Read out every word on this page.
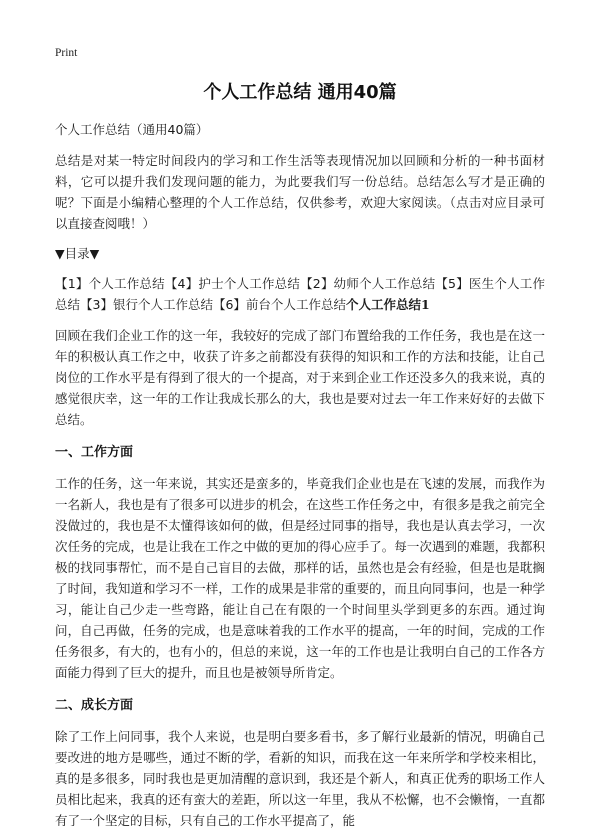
Print
个人工作总结 通用40篇

个人工作总结（通用40篇）

总结是对某一特定时间段内的学习和工作生活等表现情况加以回顾和分析的一种书面材料，它可以提升我们发现问题的能力，为此要我们写一份总结。总结怎么写才是正确的呢？下面是小编精心整理的个人工作总结，仅供参考，欢迎大家阅读。（点击对应目录可以直接查阅哦！）

▼目录▼

【1】个人工作总结【4】护士个人工作总结【2】幼师个人工作总结【5】医生个人工作总结【3】银行个人工作总结【6】前台个人工作总结个人工作总结1

回顾在我们企业工作的这一年，我较好的完成了部门布置给我的工作任务，我也是在这一年的积极认真工作之中，收获了许多之前都没有获得的知识和工作的方法和技能，让自己岗位的工作水平是有得到了很大的一个提高，对于来到企业工作还没多久的我来说，真的感觉很庆幸，这一年的工作让我成长那么的大，我也是要对过去一年工作来好好的去做下总结。

一、工作方面

工作的任务，这一年来说，其实还是蛮多的，毕竟我们企业也是在飞速的发展，而我作为一名新人，我也是有了很多可以进步的机会，在这些工作任务之中，有很多是我之前完全没做过的，我也是不太懂得该如何的做，但是经过同事的指导，我也是认真去学习，一次次任务的完成，也是让我在工作之中做的更加的得心应手了。每一次遇到的难题，我都积极的找同事帮忙，而不是自己盲目的去做，那样的话，虽然也是会有经验，但是也是耽搁了时间，我知道和学习不一样，工作的成果是非常的重要的，而且向同事问，也是一种学习，能让自己少走一些弯路，能让自己在有限的一个时间里头学到更多的东西。通过询问，自己再做，任务的完成，也是意味着我的工作水平的提高，一年的时间，完成的工作任务很多，有大的，也有小的，但总的来说，这一年的工作也是让我明白自己的工作各方面能力得到了巨大的提升，而且也是被领导所肯定。

二、成长方面

除了工作上问同事，我个人来说，也是明白要多看书，多了解行业最新的情况，明确自己要改进的地方是哪些，通过不断的学，看新的知识，而我在这一年来所学和学校来相比，真的是多很多，同时我也是更加清醒的意识到，我还是个新人，和真正优秀的职场工作人员相比起来，我真的还有蛮大的差距，所以这一年里，我从不松懈，也不会懒惰，一直都有了一个坚定的目标，只有自己的工作水平提高了，能
